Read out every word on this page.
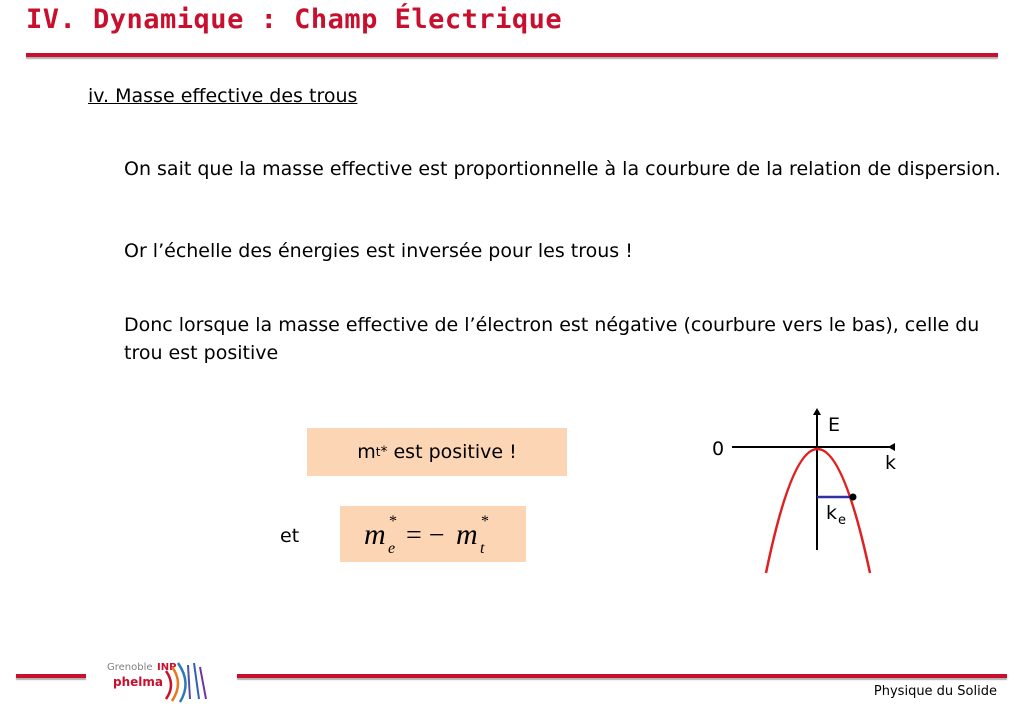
IV. Dynamique : Champ Électrique
iv. Masse effective des trous
On sait que la masse effective est proportionnelle à la courbure de la relation de dispersion.
Or l’échelle des énergies est inversée pour les trous !
Donc lorsque la masse effective de l’électron est négative (courbure vers le bas), celle du trou est positive
m t * est positive !
et m e
* = − m t
*
E
k
0
k e
Grenoble INP
phelma
Physique du Solide
